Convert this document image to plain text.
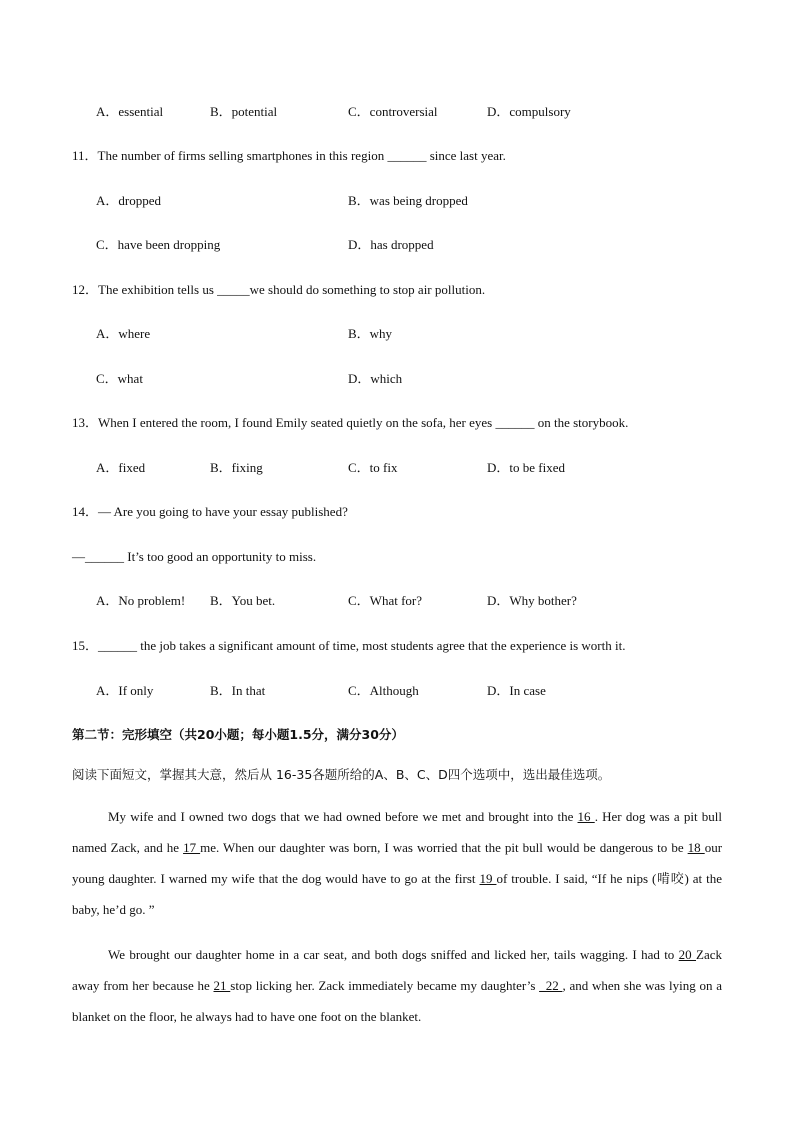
A．essential	B．potential	C．controversial	D．compulsory
11．The number of firms selling smartphones in this region ______ since last year.
A．dropped	B．was being dropped
C．have been dropping	D．has dropped
12．The exhibition tells us _____we should do something to stop air pollution.
A．where	B．why
C．what	D．which
13．When I entered the room, I found Emily seated quietly on the sofa, her eyes ______ on the storybook.
A．fixed	B．fixing	C．to fix	D．to be fixed
14．— Are you going to have your essay published?
—______ It’s too good an opportunity to miss.
A．No problem! B．You bet.	C．What for?	D．Why bother?
15．______ the job takes a significant amount of time, most students agree that the experience is worth it.
A．If only	B．In that	C．Although	D．In case
第二节：完形填空（共20小题；每小题1.5分，满分30分）
阅读下面短文，掌握其大意，然后从 16-35各题所给的A、B、C、D四个选项中，选出最佳选项。
My wife and I owned two dogs that we had owned before we met and brought into the 16 . Her dog was a pit bull named Zack, and he 17 me. When our daughter was born, I was worried that the pit bull would be dangerous to be 18 our young daughter. I warned my wife that the dog would have to go at the first 19 of trouble. I said, “If he nips (啃咬) at the baby, he’d go. ”
We brought our daughter home in a car seat, and both dogs sniffed and licked her, tails wagging. I had to 20 Zack away from her because he 21 stop licking her. Zack immediately became my daughter’s _22 , and when she was lying on a blanket on the floor, he always had to have one foot on the blanket.
